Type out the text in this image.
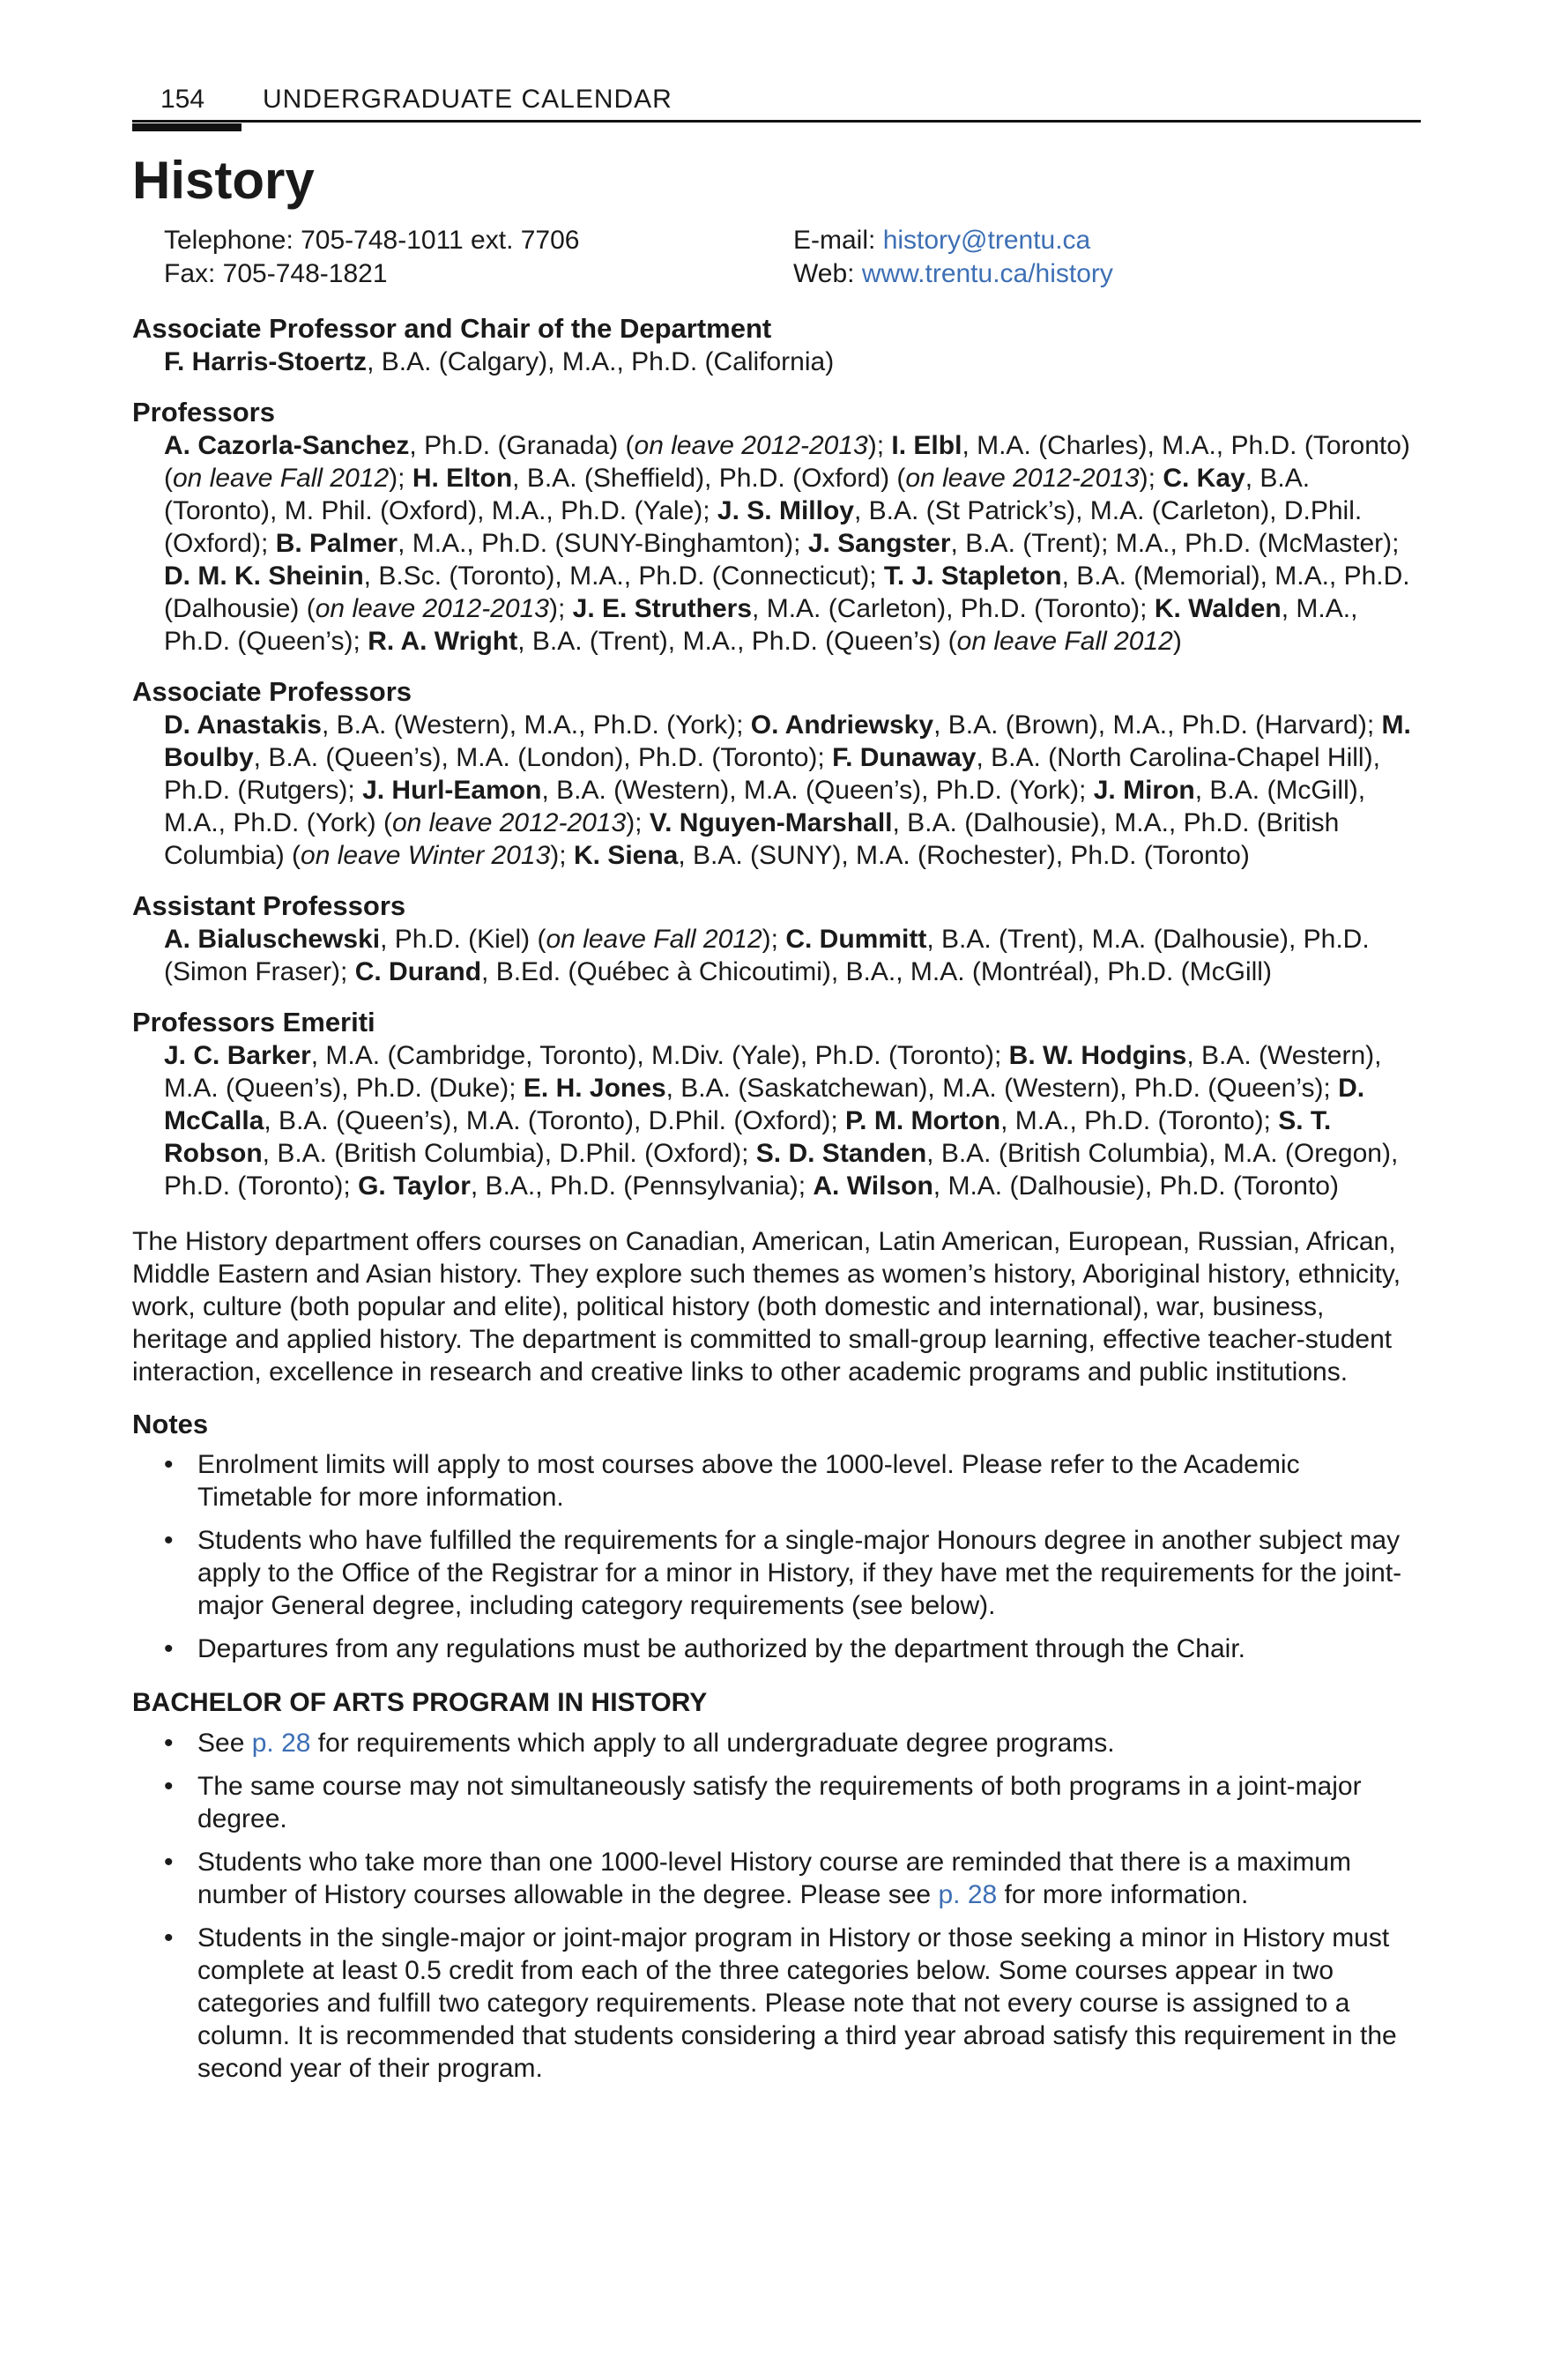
154 UNDERGRADUATE CALENDAR
History
Telephone: 705-748-1011 ext. 7706
Fax: 705-748-1821
E-mail: history@trentu.ca
Web: www.trentu.ca/history
Associate Professor and Chair of the Department
F. Harris-Stoertz, B.A. (Calgary), M.A., Ph.D. (California)
Professors
A. Cazorla-Sanchez, Ph.D. (Granada) (on leave 2012-2013); I. Elbl, M.A. (Charles), M.A., Ph.D. (Toronto) (on leave Fall 2012); H. Elton, B.A. (Sheffield), Ph.D. (Oxford) (on leave 2012-2013); C. Kay, B.A. (Toronto), M. Phil. (Oxford), M.A., Ph.D. (Yale); J. S. Milloy, B.A. (St Patrick’s), M.A. (Carleton), D.Phil. (Oxford); B. Palmer, M.A., Ph.D. (SUNY-Binghamton); J. Sangster, B.A. (Trent); M.A., Ph.D. (McMaster); D. M. K. Sheinin, B.Sc. (Toronto), M.A., Ph.D. (Connecticut); T. J. Stapleton, B.A. (Memorial), M.A., Ph.D. (Dalhousie) (on leave 2012-2013); J. E. Struthers, M.A. (Carleton), Ph.D. (Toronto); K. Walden, M.A., Ph.D. (Queen’s); R. A. Wright, B.A. (Trent), M.A., Ph.D. (Queen’s) (on leave Fall 2012)
Associate Professors
D. Anastakis, B.A. (Western), M.A., Ph.D. (York); O. Andriewsky, B.A. (Brown), M.A., Ph.D. (Harvard); M. Boulby, B.A. (Queen’s), M.A. (London), Ph.D. (Toronto); F. Dunaway, B.A. (North Carolina-Chapel Hill), Ph.D. (Rutgers); J. Hurl-Eamon, B.A. (Western), M.A. (Queen’s), Ph.D. (York); J. Miron, B.A. (McGill), M.A., Ph.D. (York) (on leave 2012-2013); V. Nguyen-Marshall, B.A. (Dalhousie), M.A., Ph.D. (British Columbia) (on leave Winter 2013); K. Siena, B.A. (SUNY), M.A. (Rochester), Ph.D. (Toronto)
Assistant Professors
A. Bialuschewski, Ph.D. (Kiel) (on leave Fall 2012); C. Dummitt, B.A. (Trent), M.A. (Dalhousie), Ph.D. (Simon Fraser); C. Durand, B.Ed. (Québec à Chicoutimi), B.A., M.A. (Montréal), Ph.D. (McGill)
Professors Emeriti
J. C. Barker, M.A. (Cambridge, Toronto), M.Div. (Yale), Ph.D. (Toronto); B. W. Hodgins, B.A. (Western), M.A. (Queen’s), Ph.D. (Duke); E. H. Jones, B.A. (Saskatchewan), M.A. (Western), Ph.D. (Queen’s); D. McCalla, B.A. (Queen’s), M.A. (Toronto), D.Phil. (Oxford); P. M. Morton, M.A., Ph.D. (Toronto); S. T. Robson, B.A. (British Columbia), D.Phil. (Oxford); S. D. Standen, B.A. (British Columbia), M.A. (Oregon), Ph.D. (Toronto); G. Taylor, B.A., Ph.D. (Pennsylvania); A. Wilson, M.A. (Dalhousie), Ph.D. (Toronto)
The History department offers courses on Canadian, American, Latin American, European, Russian, African, Middle Eastern and Asian history. They explore such themes as women’s history, Aboriginal history, ethnicity, work, culture (both popular and elite), political history (both domestic and international), war, business, heritage and applied history. The department is committed to small-group learning, effective teacher-student interaction, excellence in research and creative links to other academic programs and public institutions.
Notes
• Enrolment limits will apply to most courses above the 1000-level. Please refer to the Academic Timetable for more information.
• Students who have fulfilled the requirements for a single-major Honours degree in another subject may apply to the Office of the Registrar for a minor in History, if they have met the requirements for the joint-major General degree, including category requirements (see below).
• Departures from any regulations must be authorized by the department through the Chair.
BACHELOR OF ARTS PROGRAM IN HISTORY
• See p. 28 for requirements which apply to all undergraduate degree programs.
• The same course may not simultaneously satisfy the requirements of both programs in a joint-major degree.
• Students who take more than one 1000-level History course are reminded that there is a maximum number of History courses allowable in the degree. Please see p. 28 for more information.
• Students in the single-major or joint-major program in History or those seeking a minor in History must complete at least 0.5 credit from each of the three categories below. Some courses appear in two categories and fulfill two category requirements. Please note that not every course is assigned to a column. It is recommended that students considering a third year abroad satisfy this requirement in the second year of their program.
